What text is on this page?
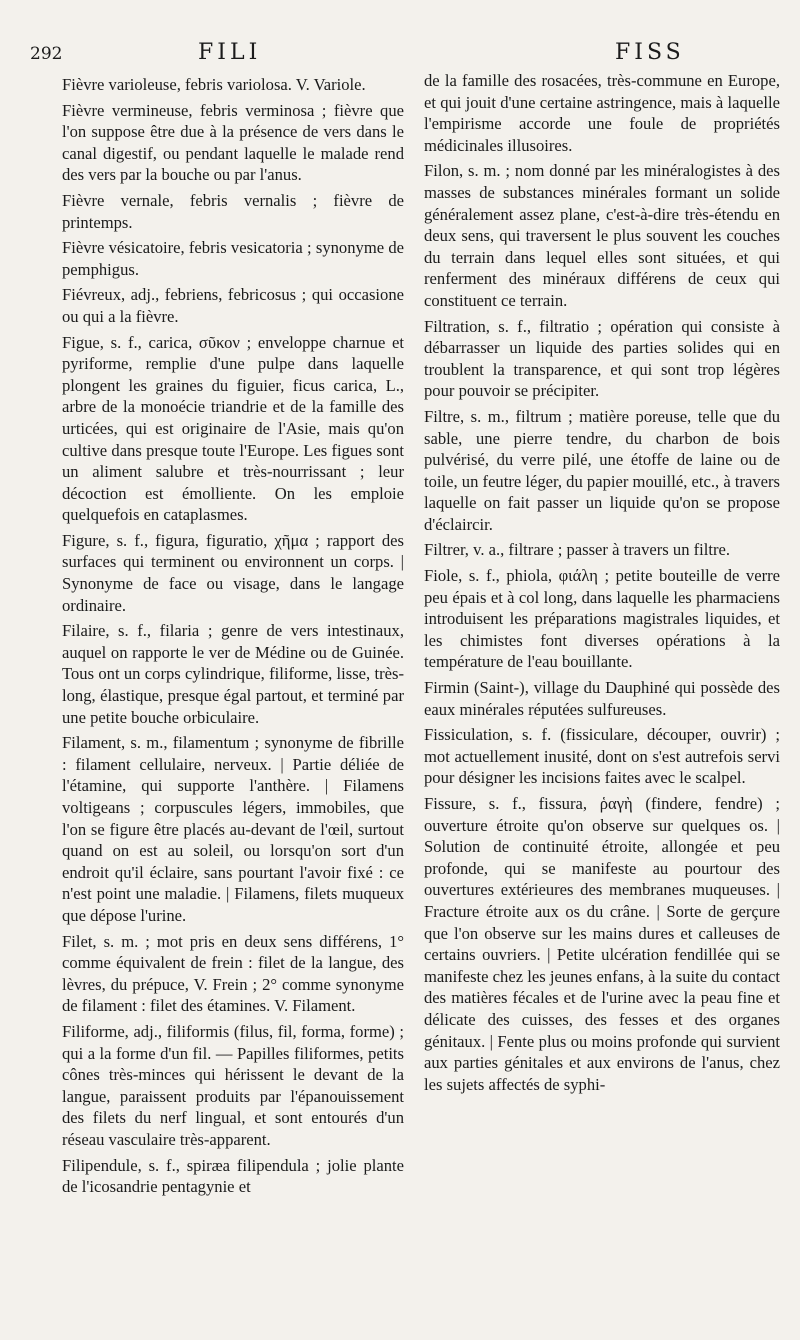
292	FILI	FISS

Fièvre varioleuse, febris variolosa. V. Variole.

Fièvre vermineuse, febris verminosa ; fièvre que l'on suppose être due à la présence de vers dans le canal digestif, ou pendant laquelle le malade rend des vers par la bouche ou par l'anus.

Fièvre vernale, febris vernalis ; fièvre de printemps.

Fièvre vésicatoire, febris vesicatoria ; synonyme de pemphigus.

Fiévreux, adj., febriens, febricosus ; qui occasione ou qui a la fièvre.

Figue, s. f., carica, σῦκον ; enveloppe charnue et pyriforme, remplie d'une pulpe dans laquelle plongent les graines du figuier, ficus carica, L., arbre de la monoécie triandrie et de la famille des urticées, qui est originaire de l'Asie, mais qu'on cultive dans presque toute l'Europe. Les figues sont un aliment salubre et très-nourrissant ; leur décoction est émolliente. On les emploie quelquefois en cataplasmes.

Figure, s. f., figura, figuratio, χῆμα ; rapport des surfaces qui terminent ou environnent un corps. | Synonyme de face ou visage, dans le langage ordinaire.

Filaire, s. f., filaria ; genre de vers intestinaux, auquel on rapporte le ver de Médine ou de Guinée. Tous ont un corps cylindrique, filiforme, lisse, très-long, élastique, presque égal partout, et terminé par une petite bouche orbiculaire.

Filament, s. m., filamentum ; synonyme de fibrille : filament cellulaire, nerveux. | Partie déliée de l'étamine, qui supporte l'anthère. | Filamens voltigeans ; corpuscules légers, immobiles, que l'on se figure être placés au-devant de l'œil, surtout quand on est au soleil, ou lorsqu'on sort d'un endroit qu'il éclaire, sans pourtant l'avoir fixé : ce n'est point une maladie. | Filamens, filets muqueux que dépose l'urine.

Filet, s. m. ; mot pris en deux sens différens, 1° comme équivalent de frein : filet de la langue, des lèvres, du prépuce, V. Frein ; 2° comme synonyme de filament : filet des étamines. V. Filament.

Filiforme, adj., filiformis (filus, fil, forma, forme) ; qui a la forme d'un fil. — Papilles filiformes, petits cônes très-minces qui hérissent le devant de la langue, paraissent produits par l'épanouissement des filets du nerf lingual, et sont entourés d'un réseau vasculaire très-apparent.

Filipendule, s. f., spiræa filipendula ; jolie plante de l'icosandrie pentagynie et

de la famille des rosacées, très-commune en Europe, et qui jouit d'une certaine astringence, mais à laquelle l'empirisme accorde une foule de propriétés médicinales illusoires.

Filon, s. m. ; nom donné par les minéralogistes à des masses de substances minérales formant un solide généralement assez plane, c'est-à-dire très-étendu en deux sens, qui traversent le plus souvent les couches du terrain dans lequel elles sont situées, et qui renferment des minéraux différens de ceux qui constituent ce terrain.

Filtration, s. f., filtratio ; opération qui consiste à débarrasser un liquide des parties solides qui en troublent la transparence, et qui sont trop légères pour pouvoir se précipiter.

Filtre, s. m., filtrum ; matière poreuse, telle que du sable, une pierre tendre, du charbon de bois pulvérisé, du verre pilé, une étoffe de laine ou de toile, un feutre léger, du papier mouillé, etc., à travers laquelle on fait passer un liquide qu'on se propose d'éclaircir.

Filtrer, v. a., filtrare ; passer à travers un filtre.

Fiole, s. f., phiola, φιάλη ; petite bouteille de verre peu épais et à col long, dans laquelle les pharmaciens introduisent les préparations magistrales liquides, et les chimistes font diverses opérations à la température de l'eau bouillante.

Firmin (Saint-), village du Dauphiné qui possède des eaux minérales réputées sulfureuses.

Fissiculation, s. f. (fissiculare, découper, ouvrir) ; mot actuellement inusité, dont on s'est autrefois servi pour désigner les incisions faites avec le scalpel.

Fissure, s. f., fissura, ῥαγὴ (findere, fendre) ; ouverture étroite qu'on observe sur quelques os. | Solution de continuité étroite, allongée et peu profonde, qui se manifeste au pourtour des ouvertures extérieures des membranes muqueuses. | Fracture étroite aux os du crâne. | Sorte de gerçure que l'on observe sur les mains dures et calleuses de certains ouvriers. | Petite ulcération fendillée qui se manifeste chez les jeunes enfans, à la suite du contact des matières fécales et de l'urine avec la peau fine et délicate des cuisses, des fesses et des organes génitaux. | Fente plus ou moins profonde qui survient aux parties génitales et aux environs de l'anus, chez les sujets affectés de syphi-
